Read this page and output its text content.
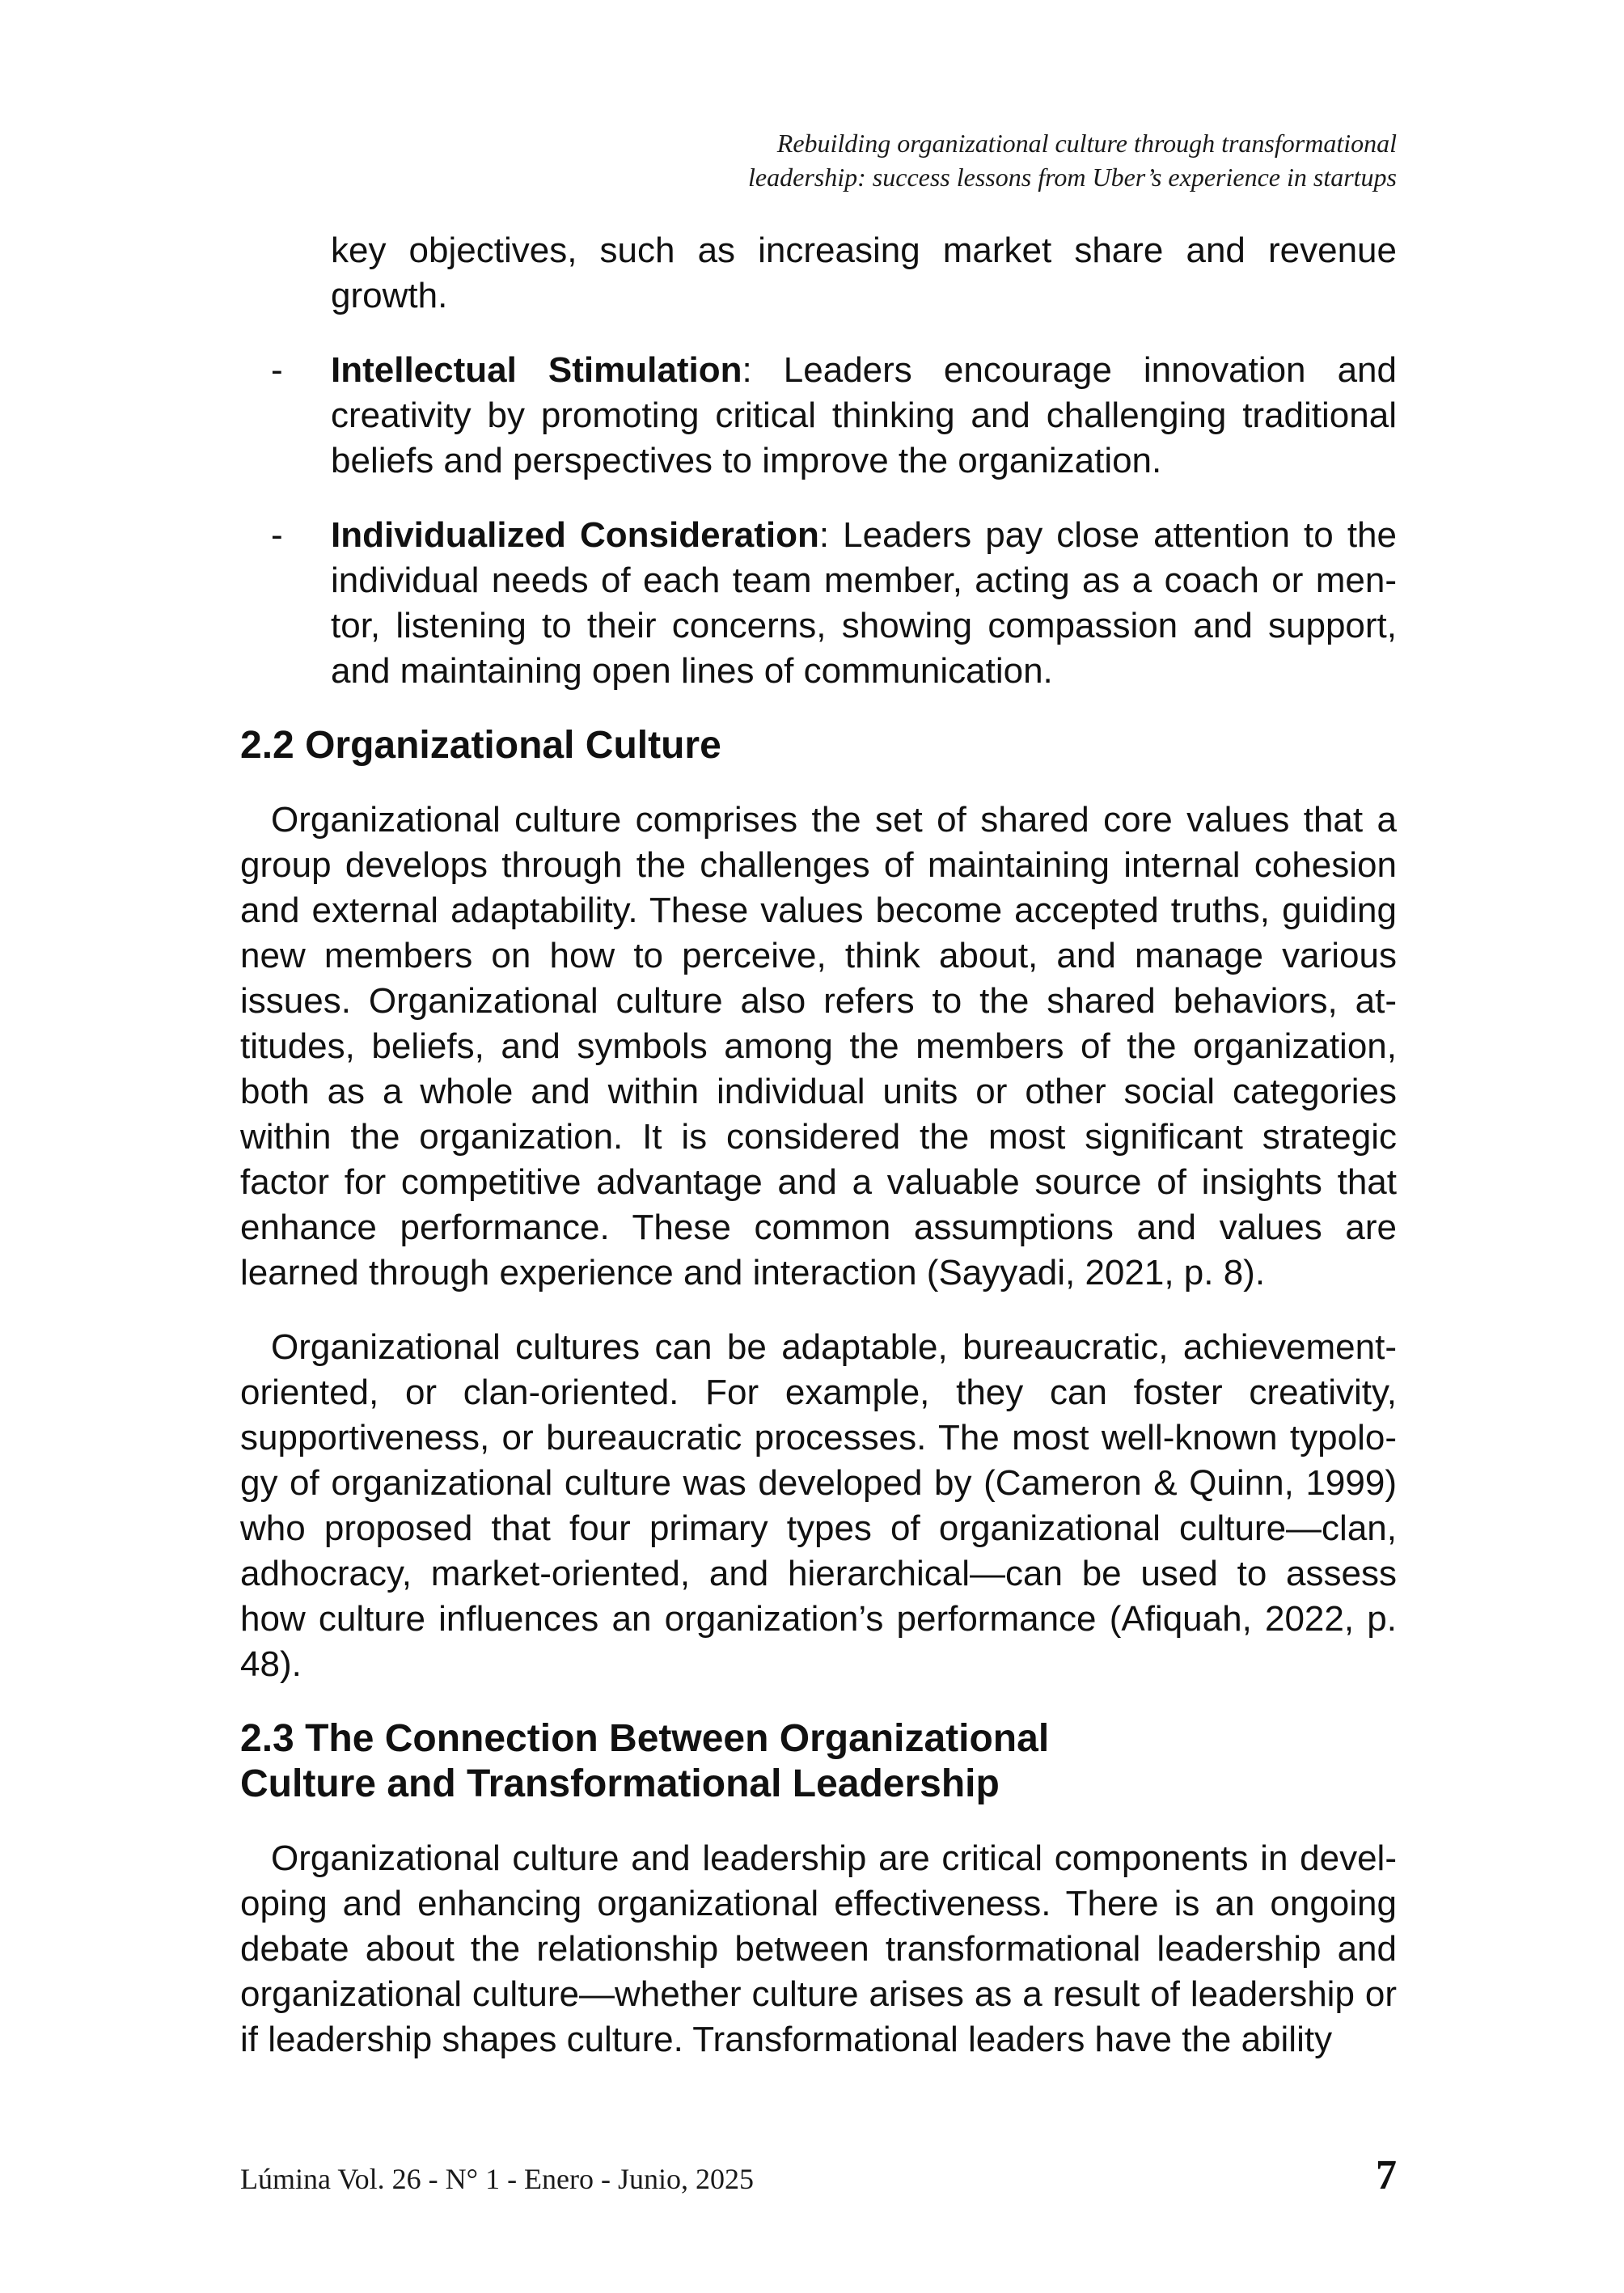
Rebuilding organizational culture through transformational
leadership: success lessons from Uber’s experience in startups

key objectives, such as increasing market share and revenue growth.

-	Intellectual Stimulation: Leaders encourage innovation and creativity by promoting critical thinking and challenging traditional beliefs and perspectives to improve the organization.
-	Individualized Consideration: Leaders pay close attention to the individual needs of each team member, acting as a coach or mentor, listening to their concerns, showing compassion and support, and maintaining open lines of communication.
2.2 Organizational Culture

Organizational culture comprises the set of shared core values that a group develops through the challenges of maintaining internal cohesion and external adaptability. These values become accepted truths, guiding new members on how to perceive, think about, and manage various issues. Organizational culture also refers to the shared behaviors, attitudes, beliefs, and symbols among the members of the organization, both as a whole and within individual units or other social categories within the organization. It is considered the most significant strategic factor for competitive advantage and a valuable source of insights that enhance performance. These common assumptions and values are learned through experience and interaction (Sayyadi, 2021, p. 8).

Organizational cultures can be adaptable, bureaucratic, achievement-oriented, or clan-oriented. For example, they can foster creativity, supportiveness, or bureaucratic processes. The most well-known typology of organizational culture was developed by (Cameron & Quinn, 1999) who proposed that four primary types of organizational culture—clan, adhocracy, market-oriented, and hierarchical—can be used to assess how culture influences an organization’s performance (Afiquah, 2022, p. 48).

2.3 The Connection Between Organizational Culture and Transformational Leadership

Organizational culture and leadership are critical components in developing and enhancing organizational effectiveness. There is an ongoing debate about the relationship between transformational leadership and organizational culture—whether culture arises as a result of leadership or if leadership shapes culture. Transformational leaders have the ability

Lúmina Vol. 26 - N° 1 - Enero - Junio, 2025	7
